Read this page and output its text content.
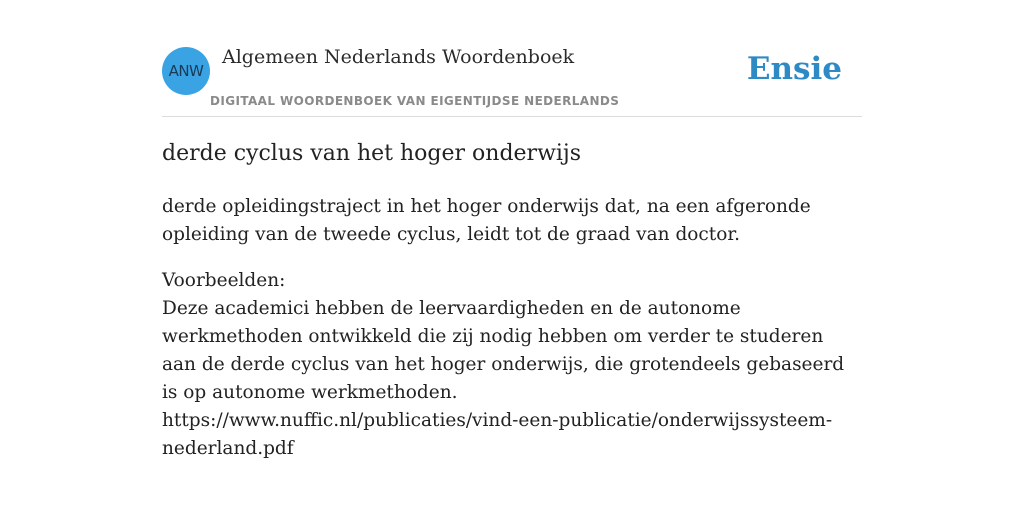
ANW
Algemeen Nederlands Woordenboek
DIGITAAL WOORDENBOEK VAN EIGENTIJDSE NEDERLANDS
Ensie
derde cyclus van het hoger onderwijs
derde opleidingstraject in het hoger onderwijs dat, na een afgeronde opleiding van de tweede cyclus, leidt tot de graad van doctor.
Voorbeelden:
Deze academici hebben de leervaardigheden en de autonome werkmethoden ontwikkeld die zij nodig hebben om verder te studeren aan de derde cyclus van het hoger onderwijs, die grotendeels gebaseerd is op autonome werkmethoden.
https://www.nuffic.nl/publicaties/vind-een-publicatie/onderwijssysteem-nederland.pdf
